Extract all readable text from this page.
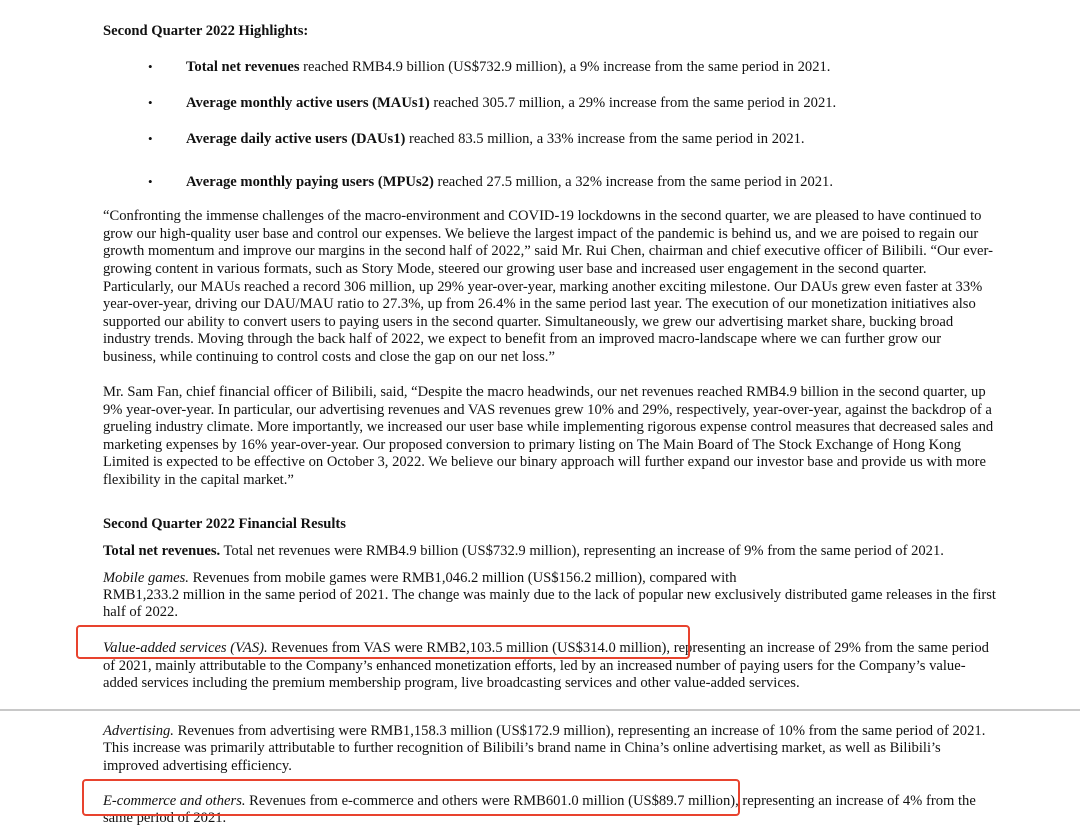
Second Quarter 2022 Highlights:
Total net revenues reached RMB4.9 billion (US$732.9 million), a 9% increase from the same period in 2021.
•
Average monthly active users (MAUs1) reached 305.7 million, a 29% increase from the same period in 2021.
•
Average daily active users (DAUs1) reached 83.5 million, a 33% increase from the same period in 2021.
•
Average monthly paying users (MPUs2) reached 27.5 million, a 32% increase from the same period in 2021.
•
“Confronting the immense challenges of the macro-environment and COVID-19 lockdowns in the second quarter, we are pleased to have continued to
grow our high-quality user base and control our expenses. We believe the largest impact of the pandemic is behind us, and we are poised to regain our
growth momentum and improve our margins in the second half of 2022,” said Mr. Rui Chen, chairman and chief executive officer of Bilibili. “Our ever-
growing content in various formats, such as Story Mode, steered our growing user base and increased user engagement in the second quarter.
Particularly, our MAUs reached a record 306 million, up 29% year-over-year, marking another exciting milestone. Our DAUs grew even faster at 33%
year-over-year, driving our DAU/MAU ratio to 27.3%, up from 26.4% in the same period last year. The execution of our monetization initiatives also
supported our ability to convert users to paying users in the second quarter. Simultaneously, we grew our advertising market share, bucking broad
industry trends. Moving through the back half of 2022, we expect to benefit from an improved macro-landscape where we can further grow our
business, while continuing to control costs and close the gap on our net loss.”
Mr. Sam Fan, chief financial officer of Bilibili, said, “Despite the macro headwinds, our net revenues reached RMB4.9 billion in the second quarter, up
9% year-over-year. In particular, our advertising revenues and VAS revenues grew 10% and 29%, respectively, year-over-year, against the backdrop of a
grueling industry climate. More importantly, we increased our user base while implementing rigorous expense control measures that decreased sales and
marketing expenses by 16% year-over-year. Our proposed conversion to primary listing on The Main Board of The Stock Exchange of Hong Kong
Limited is expected to be effective on October 3, 2022. We believe our binary approach will further expand our investor base and provide us with more
flexibility in the capital market.”
Second Quarter 2022 Financial Results
Total net revenues. Total net revenues were RMB4.9 billion (US$732.9 million), representing an increase of 9% from the same period of 2021.
Mobile games. Revenues from mobile games were RMB1,046.2 million (US$156.2 million), compared with
RMB1,233.2 million in the same period of 2021. The change was mainly due to the lack of popular new exclusively distributed game releases in the first
half of 2022.
Value-added services (VAS). Revenues from VAS were RMB2,103.5 million (US$314.0 million), representing an increase of 29% from the same period
of 2021, mainly attributable to the Company’s enhanced monetization efforts, led by an increased number of paying users for the Company’s value-
added services including the premium membership program, live broadcasting services and other value-added services.
Advertising. Revenues from advertising were RMB1,158.3 million (US$172.9 million), representing an increase of 10% from the same period of 2021.
This increase was primarily attributable to further recognition of Bilibili’s brand name in China’s online advertising market, as well as Bilibili’s
improved advertising efficiency.
E-commerce and others. Revenues from e-commerce and others were RMB601.0 million (US$89.7 million), representing an increase of 4% from the
same period of 2021.
